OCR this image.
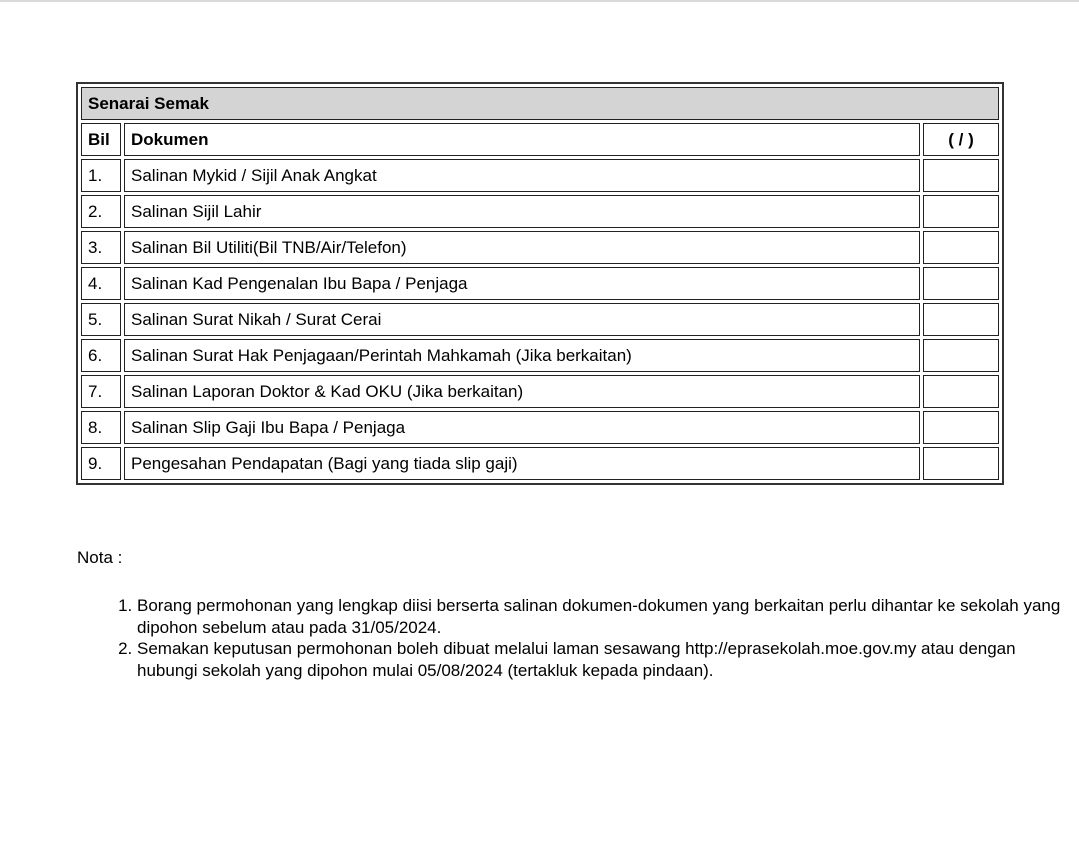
Senarai Semak		
Bil	Dokumen	( / )
1.	Salinan Mykid / Sijil Anak Angkat	
2.	Salinan Sijil Lahir	
3.	Salinan Bil Utiliti(Bil TNB/Air/Telefon)	
4.	Salinan Kad Pengenalan Ibu Bapa / Penjaga	
5.	Salinan Surat Nikah / Surat Cerai	
6.	Salinan Surat Hak Penjagaan/Perintah Mahkamah (Jika berkaitan)	
7.	Salinan Laporan Doktor & Kad OKU (Jika berkaitan)	
8.	Salinan Slip Gaji Ibu Bapa / Penjaga	
9.	Pengesahan Pendapatan (Bagi yang tiada slip gaji)	
Nota :
1. Borang permohonan yang lengkap diisi berserta salinan dokumen-dokumen yang berkaitan perlu dihantar ke sekolah yang dipohon sebelum atau pada 31/05/2024.
2. Semakan keputusan permohonan boleh dibuat melalui laman sesawang http://eprasekolah.moe.gov.my atau dengan hubungi sekolah yang dipohon mulai 05/08/2024 (tertakluk kepada pindaan).
